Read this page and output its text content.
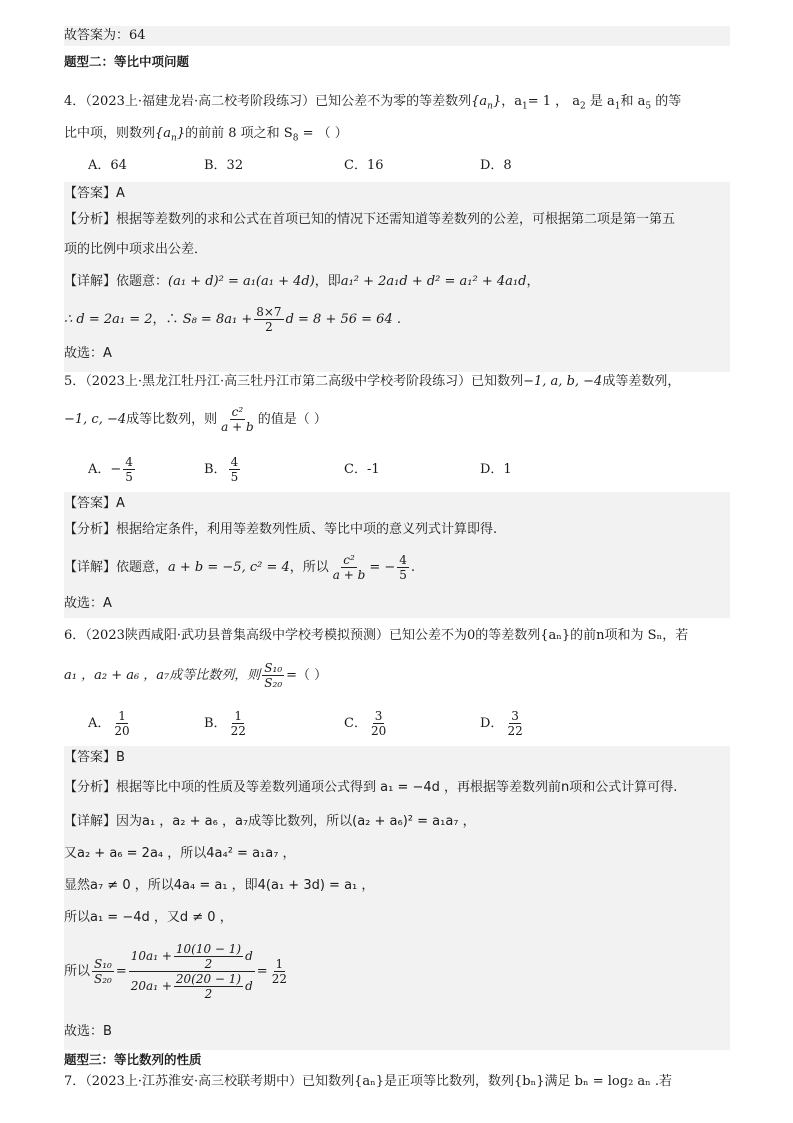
故答案为：64
题型二：等比中项问题
4．（2023上·福建龙岩·高二校考阶段练习）已知公差不为零的等差数列$\{a_n\}$，$a_1= 1$ ， $a_2$ 是 $a_1$和 $a_5$ 的等
比中项，则数列$\{a_n\}$的前前 8 项之和 $S_8$ = （ ）
A．64	B．32	C．16	D．8
【答案】A
【分析】根据等差数列的求和公式在首项已知的情况下还需知道等差数列的公差，可根据第二项是第一第五
项的比例中项求出公差．
【详解】依题意：(a₁ + d)² = a₁(a₁ + 4d)，即a₁² + 2a₁d + d² = a₁² + 4a₁d，
∴ d = 2a₁ = 2，∴ $S_8 = 8a_1 + \frac{8\times 7}{2}$ d = 8 + 56 = 64 .
故选：A
5．（2023上·黑龙江牡丹江·高三牡丹江市第二高级中学校考阶段练习）已知数列−1, a, b, −4成等差数列，
−1, c, −4成等比数列，则 $\frac{\text{c²}}{a + b}$ 的值是（ ）
A．− $\frac{4}{5}$	B． $\frac{4}{5}$	C．-1	D．1
【答案】A
【分析】根据给定条件，利用等差数列性质、等比中项的意义列式计算即得.
【详解】依题意，a + b = −5, c² = 4，所以 $\frac{\text{c²}}{a + b}$ = − $\frac{4}{5}$ .
故选：A
6．（2023陕西咸阳·武功县普集高级中学校考模拟预测）已知公差不为0的等差数列{aₙ}的前n项和为 Sₙ，若
a₁ ，a₂ + a₆ ，a₇成等比数列，则 $\frac{\text{S₁₀}}{\text{S₂₀}}$ =（ ）
A． $\frac{1}{20}$	B． $\frac{1}{22}$	C． $\frac{3}{20}$	D． $\frac{3}{22}$
【答案】B
【分析】根据等比中项的性质及等差数列通项公式得到 a₁ = −4d ，再根据等差数列前n项和公式计算可得.
【详解】因为a₁ ，a₂ + a₆ ，a₇成等比数列，所以(a₂ + a₆)² = a₁a₇ ，
又a₂ + a₆ = 2a₄ ，所以4a₄² = a₁a₇ ，
显然a₇ ≠ 0 ，所以4a₄ = a₁ ，即4(a₁ + 3d) = a₁ ，
所以a₁ = −4d ，又d ≠ 0 ，
所以 $\frac{\text{S₁₀}}{\text{S₂₀}} = \frac{10a_1 + \frac{10(10 - 1)}{2} d}{20a_1 + \frac{20(20 - 1)}{2} d} = \frac{1}{22}$
故选：B
题型三：等比数列的性质
7．（2023上·江苏淮安·高三校联考期中）已知数列{aₙ}是正项等比数列，数列{bₙ}满足 bₙ = log₂ aₙ .若
